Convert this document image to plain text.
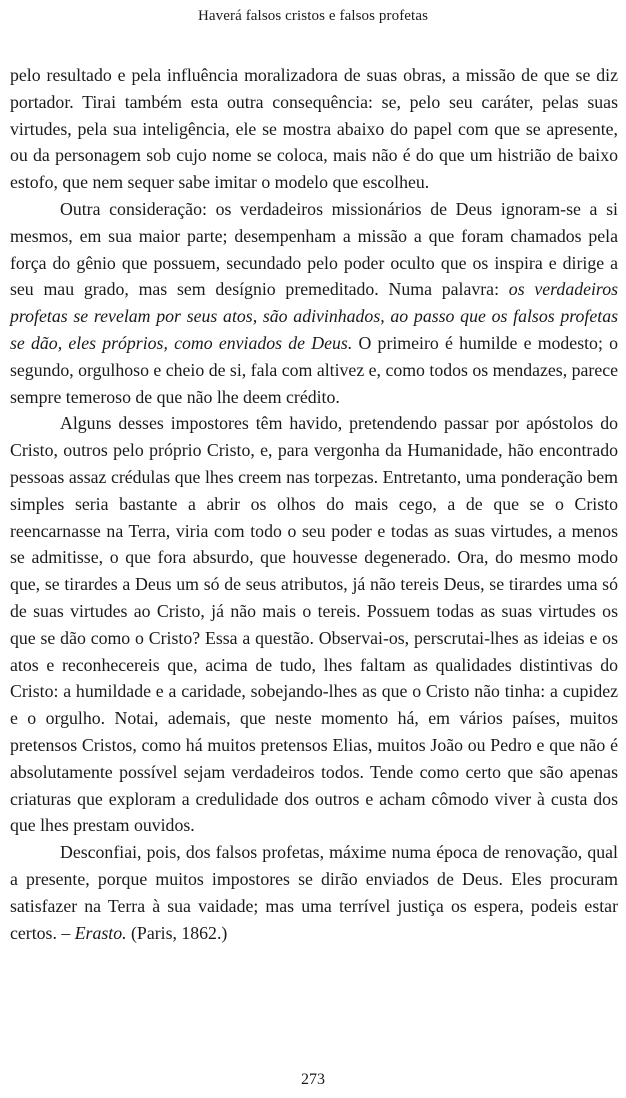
Haverá falsos cristos e falsos profetas

pelo resultado e pela influência moralizadora de suas obras, a missão de que se diz portador. Tirai também esta outra consequência: se, pelo seu caráter, pelas suas virtudes, pela sua inteligência, ele se mostra abaixo do papel com que se apresente, ou da personagem sob cujo nome se coloca, mais não é do que um histrião de baixo estofo, que nem sequer sabe imitar o modelo que escolheu.

Outra consideração: os verdadeiros missionários de Deus ignoram-se a si mesmos, em sua maior parte; desempenham a missão a que foram chamados pela força do gênio que possuem, secundado pelo poder oculto que os inspira e dirige a seu mau grado, mas sem desígnio premeditado. Numa palavra: os verdadeiros profetas se revelam por seus atos, são adivinhados, ao passo que os falsos profetas se dão, eles próprios, como enviados de Deus. O primeiro é humilde e modesto; o segundo, orgulhoso e cheio de si, fala com altivez e, como todos os mendazes, parece sempre temeroso de que não lhe deem crédito.

Alguns desses impostores têm havido, pretendendo passar por apóstolos do Cristo, outros pelo próprio Cristo, e, para vergonha da Humanidade, hão encontrado pessoas assaz crédulas que lhes creem nas torpezas. Entretanto, uma ponderação bem simples seria bastante a abrir os olhos do mais cego, a de que se o Cristo reencarnasse na Terra, viria com todo o seu poder e todas as suas virtudes, a menos se admitisse, o que fora absurdo, que houvesse degenerado. Ora, do mesmo modo que, se tirardes a Deus um só de seus atributos, já não tereis Deus, se tirardes uma só de suas virtudes ao Cristo, já não mais o tereis. Possuem todas as suas virtudes os que se dão como o Cristo? Essa a questão. Observai-os, perscrutai-lhes as ideias e os atos e reconhecereis que, acima de tudo, lhes faltam as qualidades distintivas do Cristo: a humildade e a caridade, sobejando-lhes as que o Cristo não tinha: a cupidez e o orgulho. Notai, ademais, que neste momento há, em vários países, muitos pretensos Cristos, como há muitos pretensos Elias, muitos João ou Pedro e que não é absolutamente possível sejam verdadeiros todos. Tende como certo que são apenas criaturas que exploram a credulidade dos outros e acham cômodo viver à custa dos que lhes prestam ouvidos.

Desconfiai, pois, dos falsos profetas, máxime numa época de renovação, qual a presente, porque muitos impostores se dirão enviados de Deus. Eles procuram satisfazer na Terra à sua vaidade; mas uma terrível justiça os espera, podeis estar certos. – Erasto. (Paris, 1862.)

273
